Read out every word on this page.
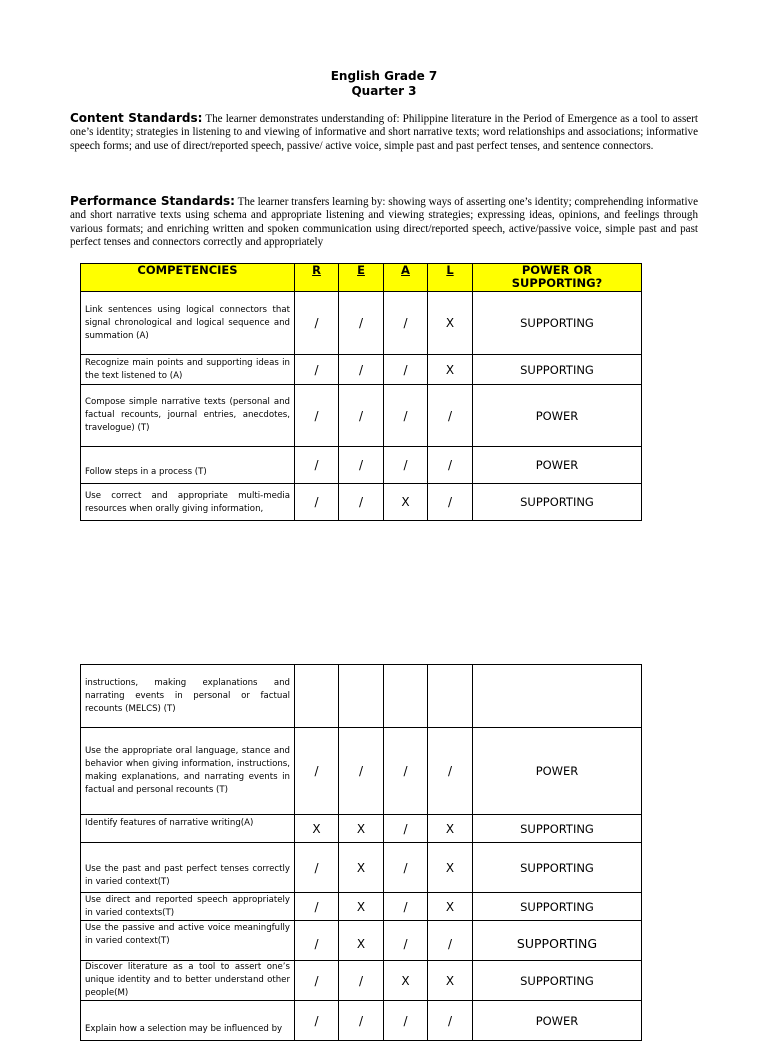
English Grade 7
Quarter 3
Content Standards: The learner demonstrates understanding of: Philippine literature in the Period of Emergence as a tool to assert one’s identity; strategies in listening to and viewing of informative and short narrative texts; word relationships and associations; informative speech forms; and use of direct/reported speech, passive/ active voice, simple past and past perfect tenses, and sentence connectors.
Performance Standards: The learner transfers learning by: showing ways of asserting one’s identity; comprehending informative and short narrative texts using schema and appropriate listening and viewing strategies; expressing ideas, opinions, and feelings through various formats; and enriching written and spoken communication using direct/reported speech, active/passive voice, simple past and past perfect tenses and connectors correctly and appropriately
COMPETENCIES	R	E	A	L	POWER OR
SUPPORTING?
Link sentences using logical connectors that signal chronological and logical sequence and summation (A)	/	/	/	X	SUPPORTING
Recognize main points and supporting ideas in the text listened to (A)	/	/	/	X	SUPPORTING
Compose simple narrative texts (personal and factual recounts, journal entries, anecdotes, travelogue) (T)	/	/	/	/	POWER
Follow steps in a process (T)	/	/	/	/	POWER

Use correct and appropriate multi-media resources when orally giving information,	/	/	X	/	SUPPORTING
instructions, making explanations and narrating events in personal or factual recounts (MELCS) (T)					
Use the appropriate oral language, stance and behavior when giving information, instructions, making explanations, and narrating events in factual and personal recounts (T)	/	/	/	/	POWER
Identify features of narrative writing(A)	X	X	/	X	SUPPORTING
Use the past and past perfect tenses correctly in varied context(T)	/	X	/	X	SUPPORTING
Use direct and reported speech appropriately in varied contexts(T)	/	X	/	X	SUPPORTING
Use the passive and active voice meaningfully in varied context(T)	/	X	/	/	SUPPORTING
Discover literature as a tool to assert one’s unique identity and to better understand other people(M)	/	/	X	X	SUPPORTING
Explain how a selection may be influenced by	/	/	/	/	POWER
